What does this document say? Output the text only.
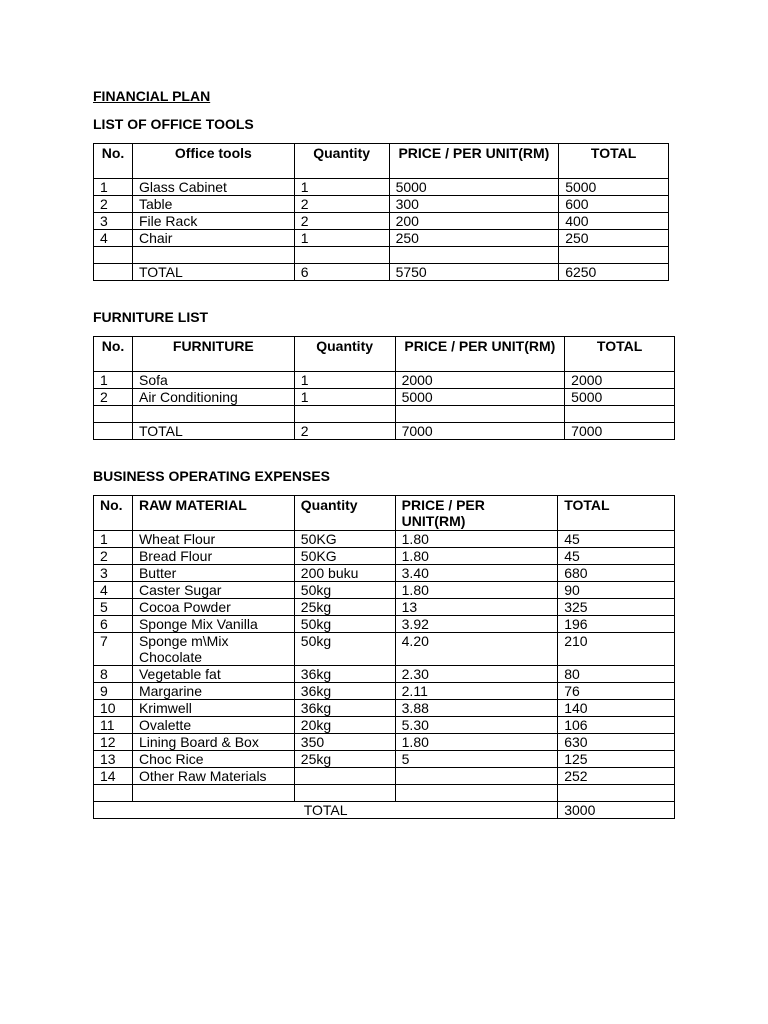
FINANCIAL PLAN
LIST OF OFFICE TOOLS
No.	Office tools	Quantity	PRICE / PER UNIT(RM)	TOTAL
1	Glass Cabinet	1	5000	5000
2	Table	2	300	600
3	File Rack	2	200	400
4	Chair	1	250	250

	TOTAL	6	5750	6250
FURNITURE LIST
No.	FURNITURE	Quantity	PRICE / PER UNIT(RM)	TOTAL
1	Sofa	1	2000	2000
2	Air Conditioning	1	5000	5000

	TOTAL	2	7000	7000
BUSINESS OPERATING EXPENSES
No.	RAW MATERIAL	Quantity	PRICE / PER UNIT(RM)	TOTAL
1	Wheat Flour	50KG	1.80	45
2	Bread Flour	50KG	1.80	45
3	Butter	200 buku	3.40	680
4	Caster Sugar	50kg	1.80	90
5	Cocoa Powder	25kg	13	325
6	Sponge Mix Vanilla	50kg	3.92	196
7	Sponge m\Mix Chocolate	50kg	4.20	210
8	Vegetable fat	36kg	2.30	80
9	Margarine	36kg	2.11	76
10	Krimwell	36kg	3.88	140
11	Ovalette	20kg	5.30	106
12	Lining Board & Box	350	1.80	630
13	Choc Rice	25kg	5	125
14	Other Raw Materials			252

TOTAL				3000
